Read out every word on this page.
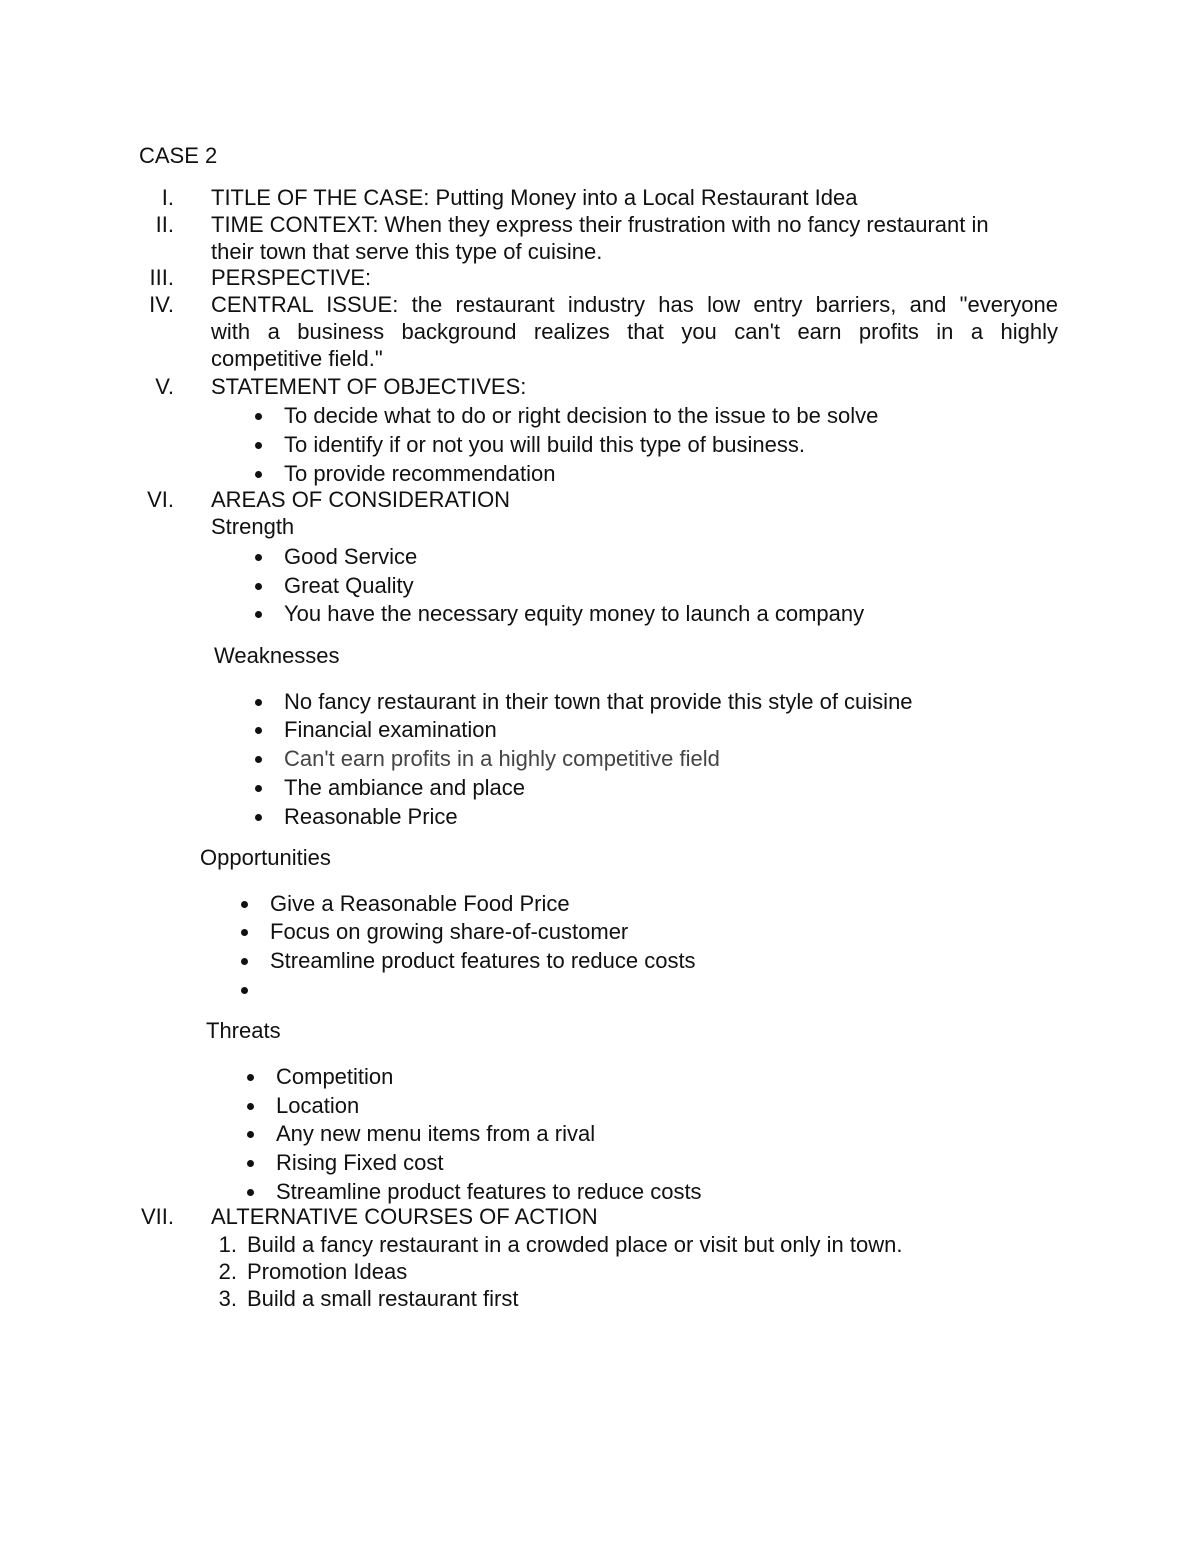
CASE 2
I. TITLE OF THE CASE: Putting Money into a Local Restaurant Idea
II. TIME CONTEXT: When they express their frustration with no fancy restaurant in
their town that serve this type of cuisine.
III. PERSPECTIVE:
IV. CENTRAL ISSUE: the restaurant industry has low entry barriers, and "everyone
with a business background realizes that you can't earn profits in a highly
competitive field."
V. STATEMENT OF OBJECTIVES:
To decide what to do or right decision to the issue to be solve
To identify if or not you will build this type of business.
To provide recommendation
VI. AREAS OF CONSIDERATION
Strength
Good Service
Great Quality
You have the necessary equity money to launch a company
Weaknesses
No fancy restaurant in their town that provide this style of cuisine
Financial examination
Can't earn profits in a highly competitive field
The ambiance and place
Reasonable Price
Opportunities
Give a Reasonable Food Price
Focus on growing share-of-customer
Streamline product features to reduce costs
Threats
Competition
Location
Any new menu items from a rival
Rising Fixed cost
Streamline product features to reduce costs
VII. ALTERNATIVE COURSES OF ACTION
1. Build a fancy restaurant in a crowded place or visit but only in town.
2. Promotion Ideas
3. Build a small restaurant first
